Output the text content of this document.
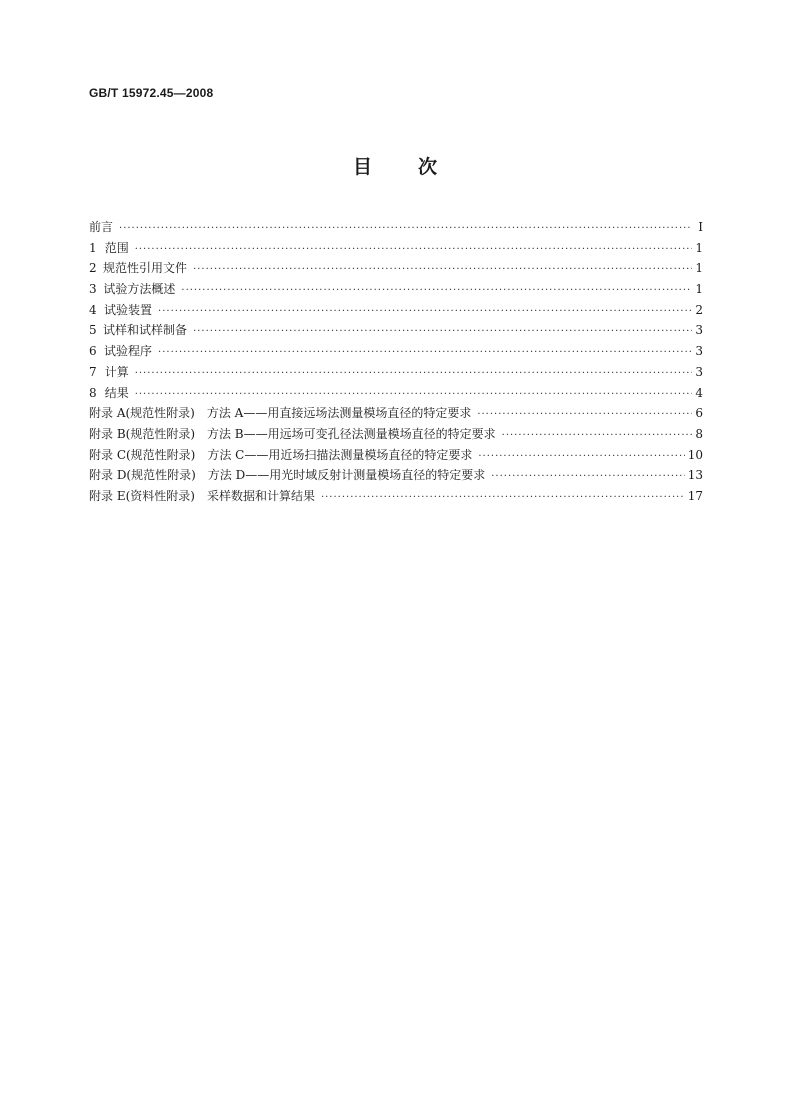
GB/T 15972.45—2008
目 次
前言 ·····	Ⅰ
1 范围 ·····	1
2 规范性引用文件 ·····	1
3 试验方法概述 ·····	1
4 试验装置 ·····	2
5 试样和试样制备 ·····	3
6 试验程序 ·····	3
7 计算 ·····	3
8 结果 ·····	4
附录 A(规范性附录)　方法 A——用直接远场法测量模场直径的特定要求 ·····	6
附录 B(规范性附录)　方法 B——用远场可变孔径法测量模场直径的特定要求 ·····	8
附录 C(规范性附录)　方法 C——用近场扫描法测量模场直径的特定要求 ·····	10
附录 D(规范性附录)　方法 D——用光时域反射计测量模场直径的特定要求 ·····	13
附录 E(资料性附录)　采样数据和计算结果 ·····	17
